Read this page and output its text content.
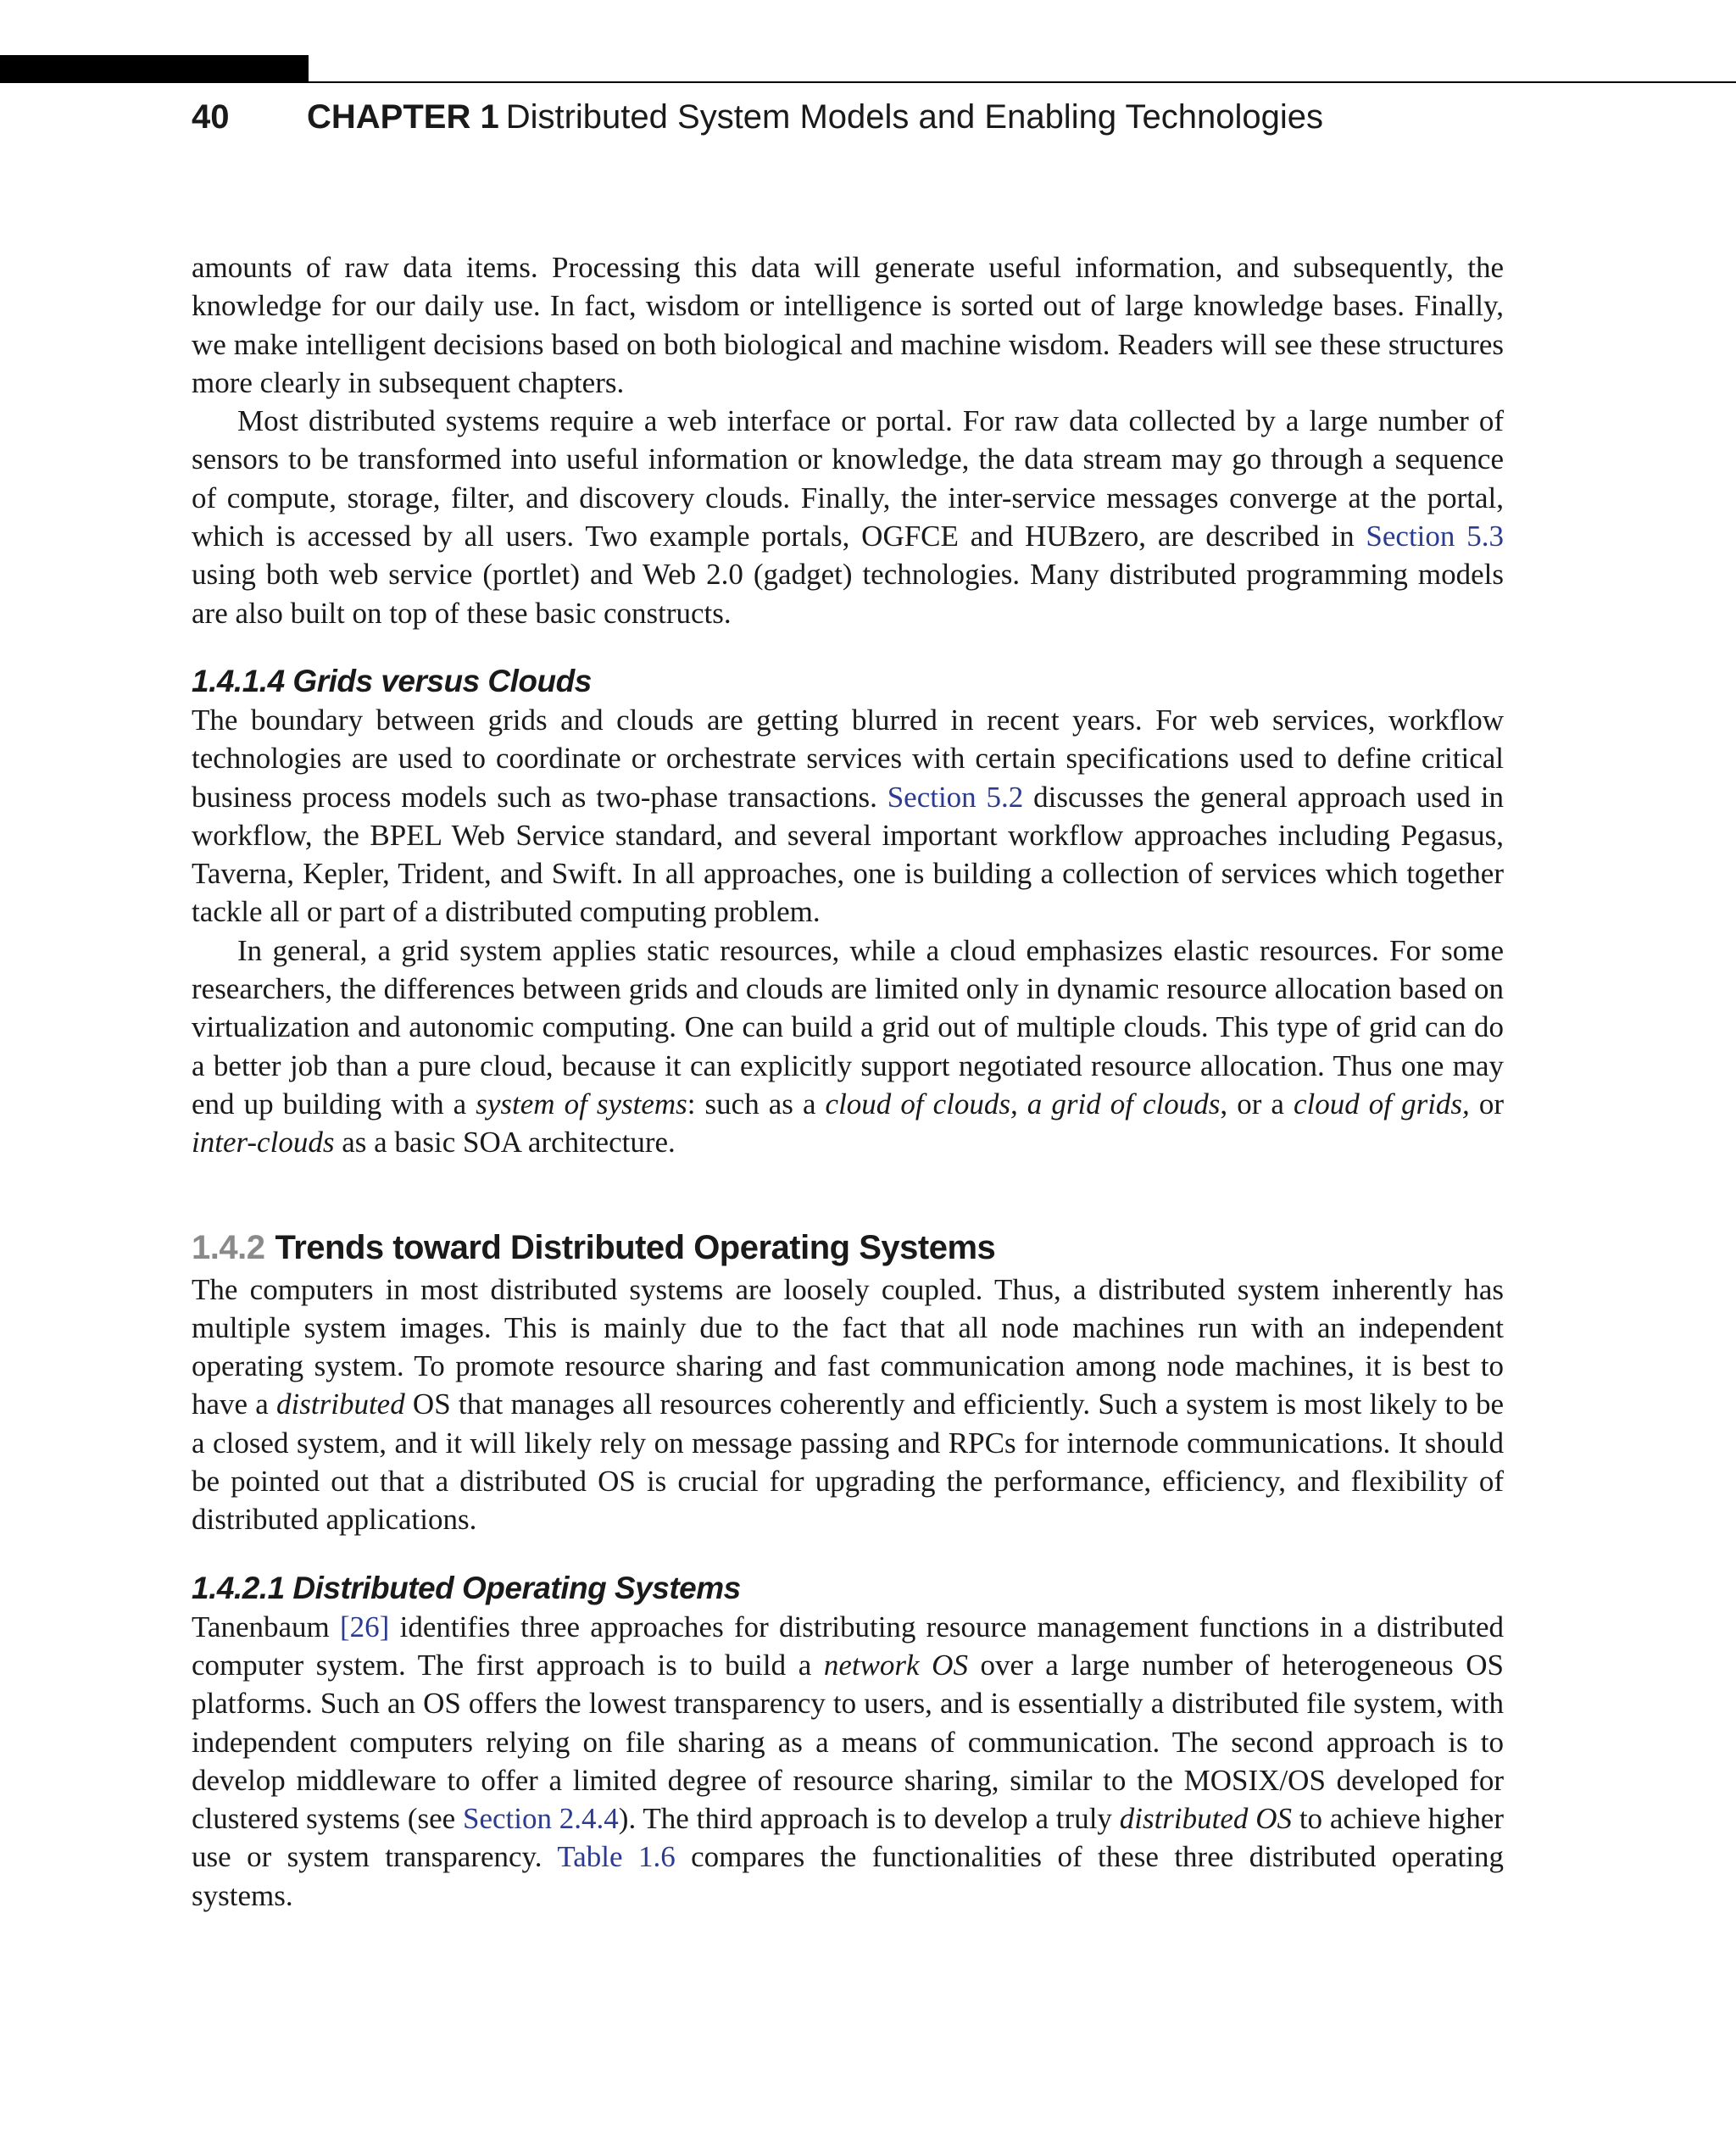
40 CHAPTER 1 Distributed System Models and Enabling Technologies

amounts of raw data items. Processing this data will generate useful information, and subsequently, the knowledge for our daily use. In fact, wisdom or intelligence is sorted out of large knowledge bases. Finally, we make intelligent decisions based on both biological and machine wisdom. Readers will see these structures more clearly in subsequent chapters.

Most distributed systems require a web interface or portal. For raw data collected by a large number of sensors to be transformed into useful information or knowledge, the data stream may go through a sequence of compute, storage, filter, and discovery clouds. Finally, the inter-service messages converge at the portal, which is accessed by all users. Two example portals, OGFCE and HUBzero, are described in Section 5.3 using both web service (portlet) and Web 2.0 (gadget) technologies. Many distributed programming models are also built on top of these basic constructs.

1.4.1.4 Grids versus Clouds

The boundary between grids and clouds are getting blurred in recent years. For web services, workflow technologies are used to coordinate or orchestrate services with certain specifications used to define critical business process models such as two-phase transactions. Section 5.2 discusses the general approach used in workflow, the BPEL Web Service standard, and several important workflow approaches including Pegasus, Taverna, Kepler, Trident, and Swift. In all approaches, one is building a collection of services which together tackle all or part of a distributed computing problem.

In general, a grid system applies static resources, while a cloud emphasizes elastic resources. For some researchers, the differences between grids and clouds are limited only in dynamic resource allocation based on virtualization and autonomic computing. One can build a grid out of multiple clouds. This type of grid can do a better job than a pure cloud, because it can explicitly support negotiated resource allocation. Thus one may end up building with a system of systems: such as a cloud of clouds, a grid of clouds, or a cloud of grids, or inter-clouds as a basic SOA architecture.

1.4.2 Trends toward Distributed Operating Systems

The computers in most distributed systems are loosely coupled. Thus, a distributed system inherently has multiple system images. This is mainly due to the fact that all node machines run with an independent operating system. To promote resource sharing and fast communication among node machines, it is best to have a distributed OS that manages all resources coherently and efficiently. Such a system is most likely to be a closed system, and it will likely rely on message passing and RPCs for internode communications. It should be pointed out that a distributed OS is crucial for upgrading the performance, efficiency, and flexibility of distributed applications.

1.4.2.1 Distributed Operating Systems

Tanenbaum [26] identifies three approaches for distributing resource management functions in a distributed computer system. The first approach is to build a network OS over a large number of heterogeneous OS platforms. Such an OS offers the lowest transparency to users, and is essentially a distributed file system, with independent computers relying on file sharing as a means of communication. The second approach is to develop middleware to offer a limited degree of resource sharing, similar to the MOSIX/OS developed for clustered systems (see Section 2.4.4). The third approach is to develop a truly distributed OS to achieve higher use or system transparency. Table 1.6 compares the functionalities of these three distributed operating systems.
